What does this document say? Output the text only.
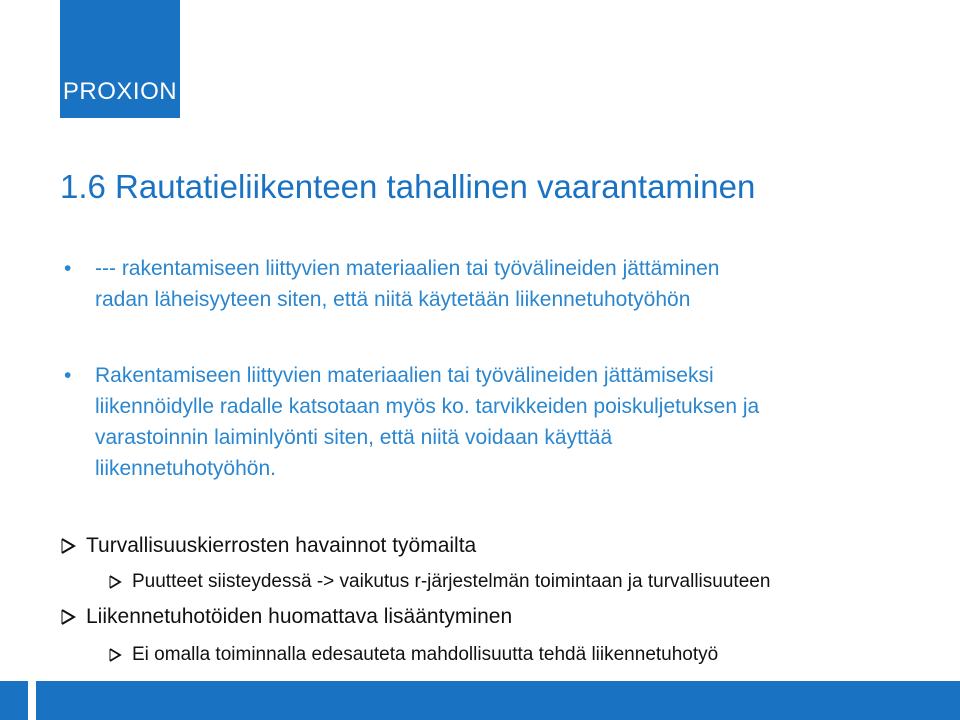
PROXION
1.6 Rautatieliikenteen tahallinen vaarantaminen
• --- rakentamiseen liittyvien materiaalien tai työvälineiden jättäminen
radan läheisyyteen siten, että niitä käytetään liikennetuhotyöhön
• Rakentamiseen liittyvien materiaalien tai työvälineiden jättämiseksi
liikennöidylle radalle katsotaan myös ko. tarvikkeiden poiskuljetuksen ja
varastoinnin laiminlyönti siten, että niitä voidaan käyttää
liikennetuhotyöhön.
Turvallisuuskierrosten havainnot työmailta
Puutteet siisteydessä -> vaikutus r-järjestelmän toimintaan ja turvallisuuteen
Liikennetuhotöiden huomattava lisääntyminen
Ei omalla toiminnalla edesauteta mahdollisuutta tehdä liikennetuhotyö
